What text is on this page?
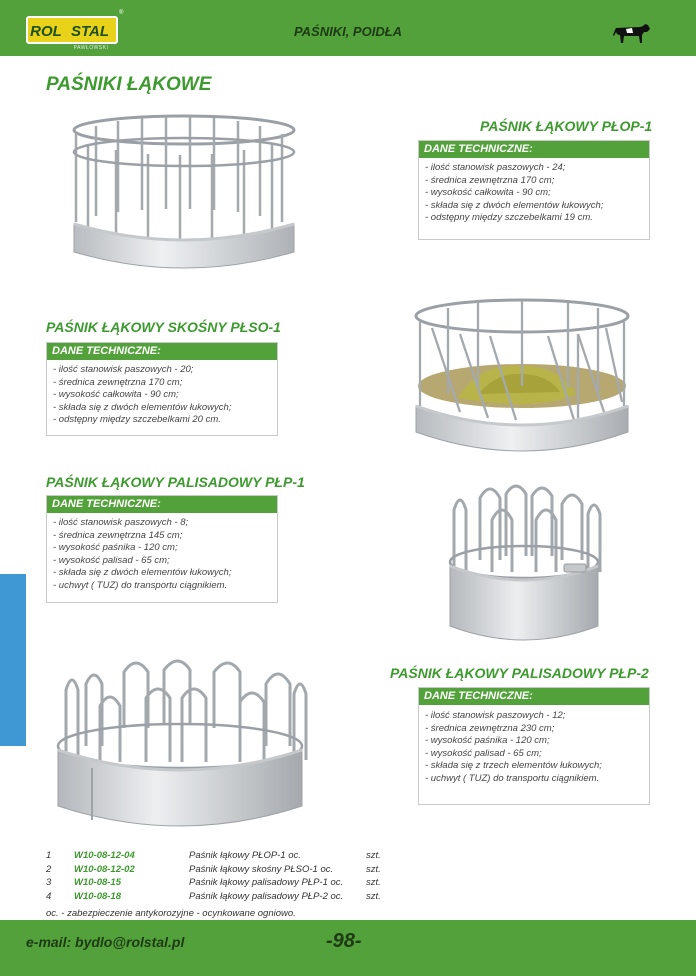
ROL STAL
PAWŁOWSKI
®
PAŚNIKI, POIDŁA
PAŚNIKI ŁĄKOWE
PAŚNIK ŁĄKOWY PŁOP-1
DANE TECHNICZNE:
- ilość stanowisk paszowych - 24;
- średnica zewnętrzna 170 cm;
- wysokość całkowita - 90 cm;
- składa się z dwóch elementów łukowych;
- odstępny między szczebelkami 19 cm.
PAŚNIK ŁĄKOWY SKOŚNY PŁSO-1
DANE TECHNICZNE:
- ilość stanowisk paszowych - 20;
- średnica zewnętrzna 170 cm;
- wysokość całkowita - 90 cm;
- składa się z dwóch elementów łukowych;
- odstępny między szczebelkami 20 cm.
PAŚNIK ŁĄKOWY PALISADOWY PŁP-1
DANE TECHNICZNE:
- ilość stanowisk paszowych - 8;
- średnica zewnętrzna 145 cm;
- wysokość paśnika - 120 cm;
- wysokość palisad - 65 cm;
- składa się z dwóch elementów łukowych;
- uchwyt ( TUZ) do transportu ciągnikiem.
PAŚNIK ŁĄKOWY PALISADOWY PŁP-2
DANE TECHNICZNE:
- ilość stanowisk paszowych - 12;
- średnica zewnętrzna 230 cm;
- wysokość paśnika - 120 cm;
- wysokość palisad - 65 cm;
- składa się z trzech elementów łukowych;
- uchwyt ( TUZ) do transportu ciągnikiem.
1 W10-08-12-04	Paśnik łąkowy PŁOP-1 oc.	szt.
2 W10-08-12-02	Paśnik łąkowy skośny PŁSO-1 oc.	szt.
3 W10-08-15	Paśnik łąkowy palisadowy PŁP-1 oc. szt.
4 W10-08-18	Paśnik łąkowy palisadowy PŁP-2 oc. szt.
oc. - zabezpieczenie antykorozyjne - ocynkowane ogniowo.
e-mail: bydlo@rolstal.pl	-98-
